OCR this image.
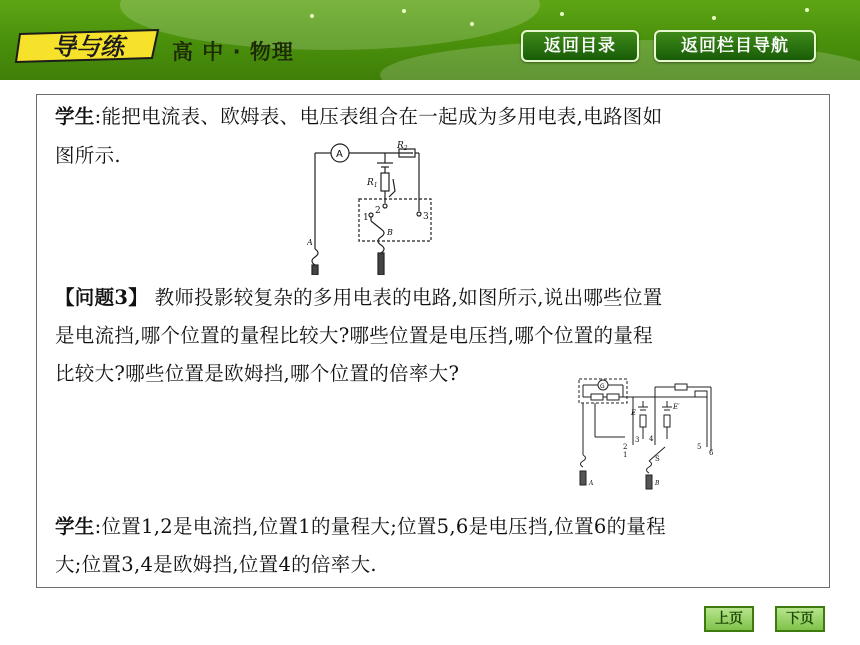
导与练 高 中 · 物理	返回目录	返回栏目导航
学生:能把电流表、欧姆表、电压表组合在一起成为多用电表,电路图如
图所示.	A
$R_2$
$R_1$
1
2
3
A
B
【问题3】 教师投影较复杂的多用电表的电路,如图所示,说出哪些位置
是电流挡,哪个位置的量程比较大?哪些位置是电压挡,哪个位置的量程
比较大?哪些位置是欧姆挡,哪个位置的倍率大?
G
E
E′
1
2
3 4
5
6
S
A	B
学生:位置1,2是电流挡,位置1的量程大;位置5,6是电压挡,位置6的量程
大;位置3,4是欧姆挡,位置4的倍率大.
上页	下页
